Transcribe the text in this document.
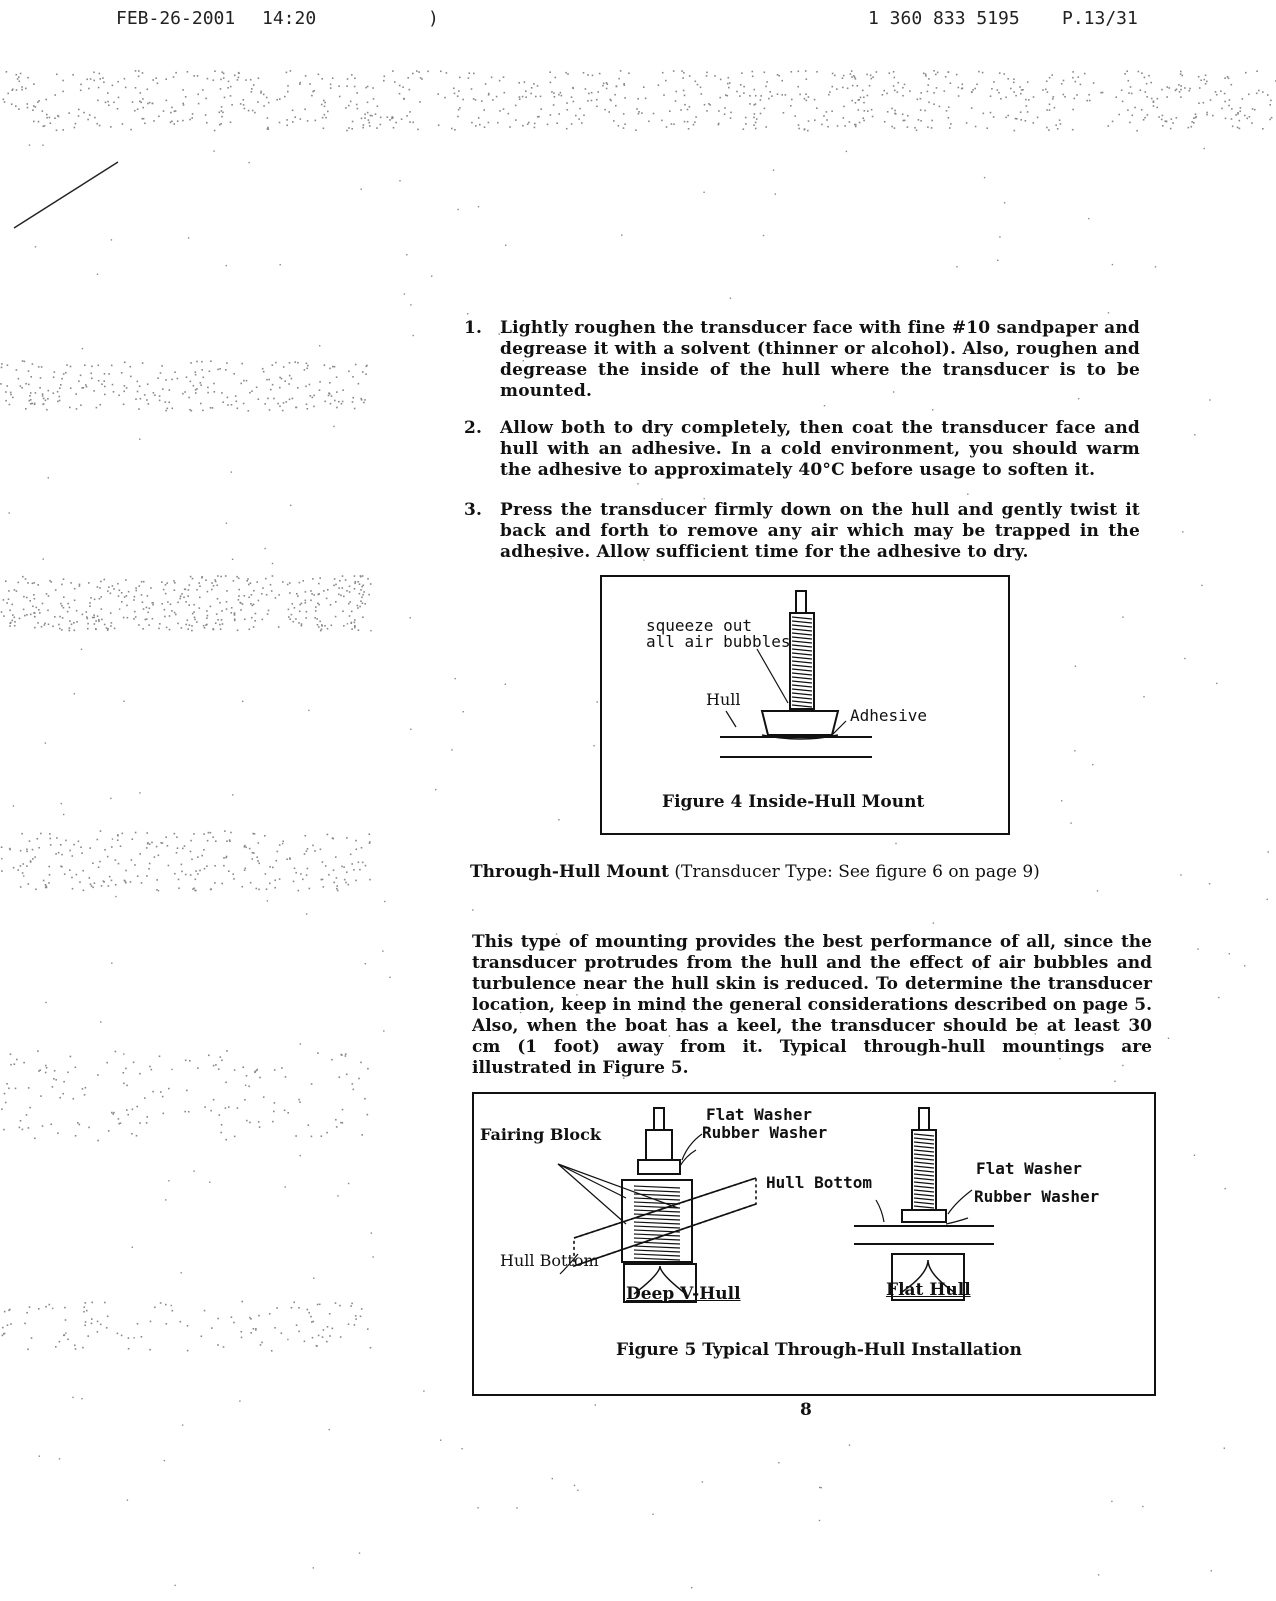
FEB-26-2001 14:20	)	1 360 833 5195 P.13/31
1.	Lightly roughen the transducer face with fine #10 sandpaper and degrease it with a solvent (thinner or alcohol). Also, roughen and degrease the inside of the hull where the transducer is to be mounted.
2.	Allow both to dry completely, then coat the transducer face and hull with an adhesive. In a cold environment, you should warm the adhesive to approximately 40°C before usage to soften it.
3.	Press the transducer firmly down on the hull and gently twist it back and forth to remove any air which may be trapped in the adhesive. Allow sufficient time for the adhesive to dry.
squeeze out
all air bubbles
Hull
Adhesive
Figure 4 Inside-Hull Mount
Through-Hull Mount (Transducer Type: See figure 6 on page 9)
This type of mounting provides the best performance of all, since the transducer protrudes from the hull and the effect of air bubbles and turbulence near the hull skin is reduced. To determine the transducer location, keep in mind the general considerations described on page 5. Also, when the boat has a keel, the transducer should be at least 30 cm (1 foot) away from it. Typical through-hull mountings are illustrated in Figure 5.
Fairing Block
Flat Washer
Rubber Washer
Hull Bottom
Flat Washer
Rubber Washer
Hull Bottom
Deep V-Hull	Flat Hull
Figure 5 Typical Through-Hull Installation
8
